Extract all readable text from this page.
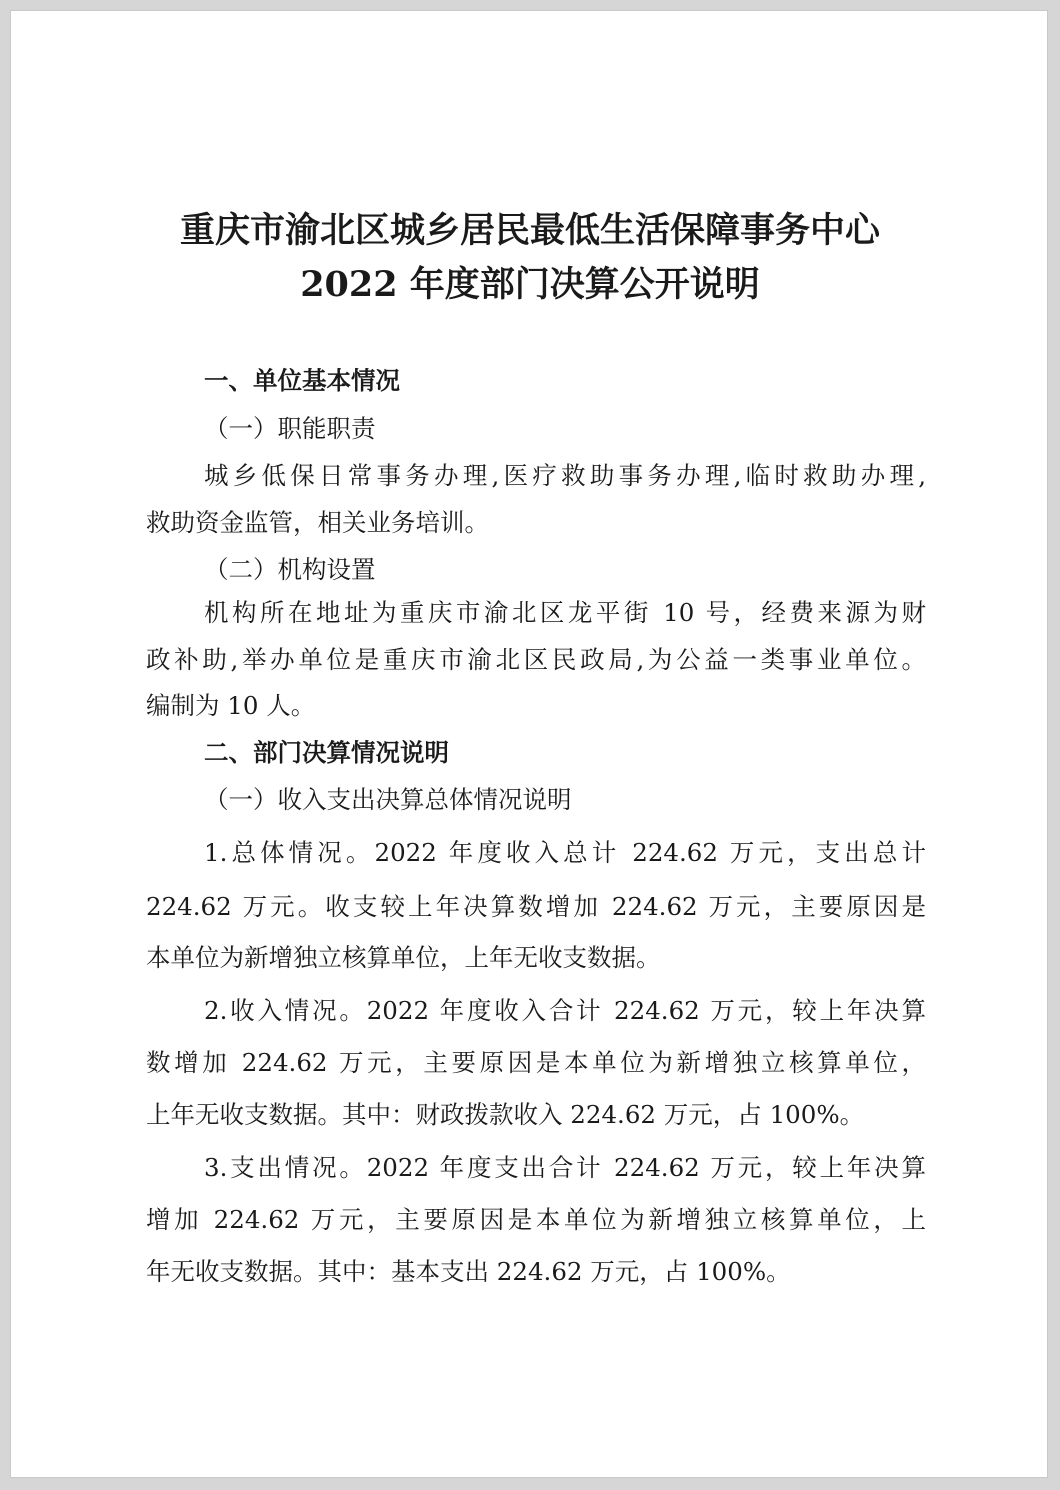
重庆市渝北区城乡居民最低生活保障事务中心
2022 年度部门决算公开说明
一、单位基本情况
（一）职能职责
城乡低保日常事务办理,医疗救助事务办理,临时救助办理,
救助资金监管，相关业务培训。
（二）机构设置
机构所在地址为重庆市渝北区龙平街 10 号，经费来源为财
政补助,举办单位是重庆市渝北区民政局,为公益一类事业单位。
编制为 10 人。
二、部门决算情况说明
（一）收入支出决算总体情况说明
1.总体情况。2022 年度收入总计 224.62 万元，支出总计
224.62 万元。收支较上年决算数增加 224.62 万元，主要原因是
本单位为新增独立核算单位，上年无收支数据。
2.收入情况。2022 年度收入合计 224.62 万元，较上年决算
数增加 224.62 万元，主要原因是本单位为新增独立核算单位，
上年无收支数据。其中：财政拨款收入 224.62 万元，占 100%。
3.支出情况。2022 年度支出合计 224.62 万元，较上年决算
增加 224.62 万元，主要原因是本单位为新增独立核算单位，上
年无收支数据。其中：基本支出 224.62 万元，占 100%。
